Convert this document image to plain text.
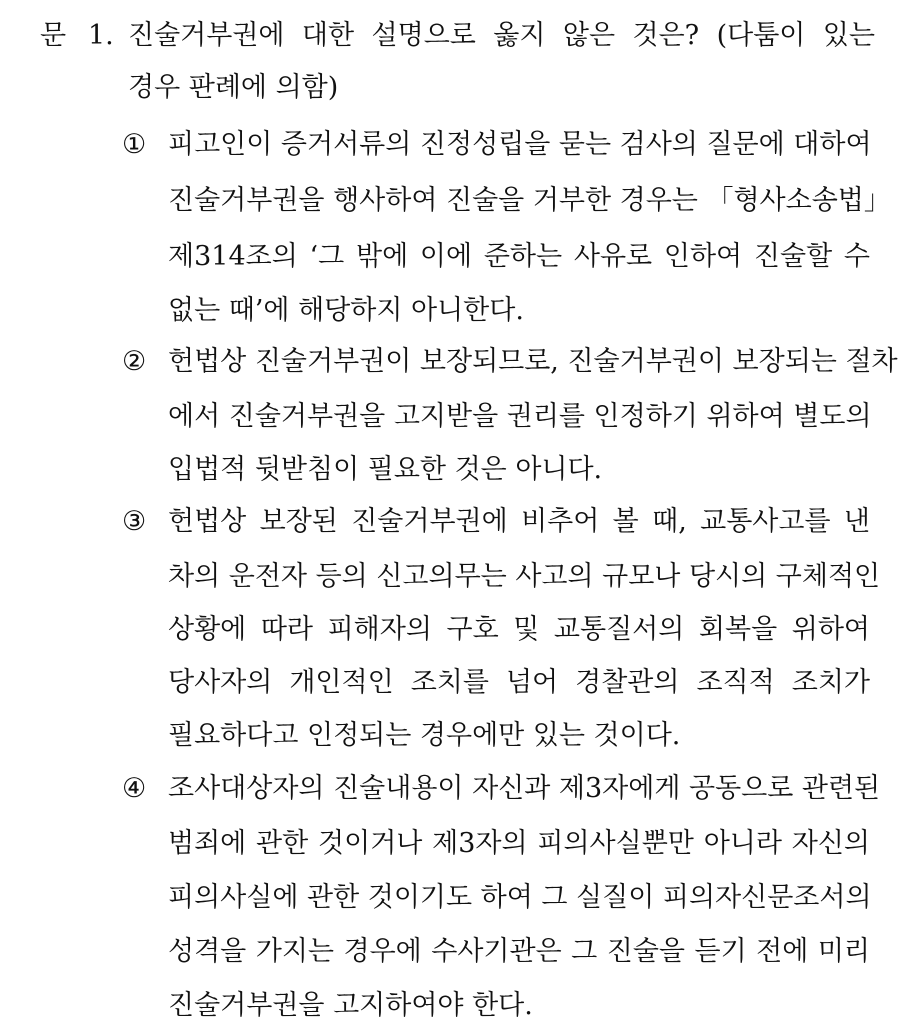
문 1. 진술거부권에 대한 설명으로 옳지 않은 것은? (다툼이 있는
경우 판례에 의함)
① 피고인이 증거서류의 진정성립을 묻는 검사의 질문에 대하여
진술거부권을 행사하여 진술을 거부한 경우는 「형사소송법」
제314조의 ‘그 밖에 이에 준하는 사유로 인하여 진술할 수
없는 때’에 해당하지 아니한다.
② 헌법상 진술거부권이 보장되므로, 진술거부권이 보장되는 절차
에서 진술거부권을 고지받을 권리를 인정하기 위하여 별도의
입법적 뒷받침이 필요한 것은 아니다.
③ 헌법상 보장된 진술거부권에 비추어 볼 때, 교통사고를 낸
차의 운전자 등의 신고의무는 사고의 규모나 당시의 구체적인
상황에 따라 피해자의 구호 및 교통질서의 회복을 위하여
당사자의 개인적인 조치를 넘어 경찰관의 조직적 조치가
필요하다고 인정되는 경우에만 있는 것이다.
④ 조사대상자의 진술내용이 자신과 제3자에게 공동으로 관련된
범죄에 관한 것이거나 제3자의 피의사실뿐만 아니라 자신의
피의사실에 관한 것이기도 하여 그 실질이 피의자신문조서의
성격을 가지는 경우에 수사기관은 그 진술을 듣기 전에 미리
진술거부권을 고지하여야 한다.
